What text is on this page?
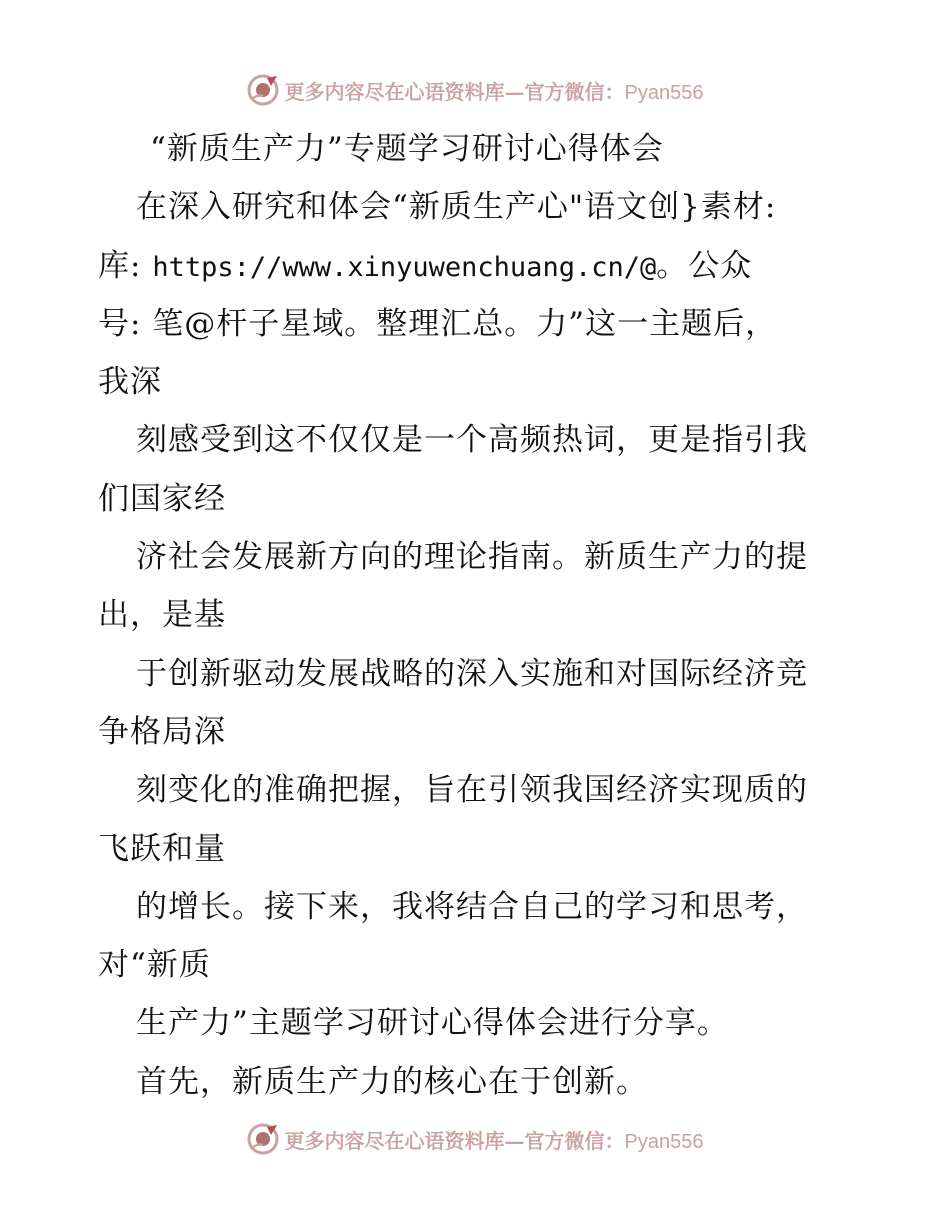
更多内容尽在心语资料库—官方微信：Pyan556
“新质生产力”专题学习研讨心得体会
在深入研究和体会“新质生产心"语文创}素材:
库: https://www.xinyuwenchuang.cn/@。公众
号: 笔@杆子星域。整理汇总。力”这一主题后，
我深
刻感受到这不仅仅是一个高频热词，更是指引我
们国家经
济社会发展新方向的理论指南。新质生产力的提
出，是基
于创新驱动发展战略的深入实施和对国际经济竞
争格局深
刻变化的准确把握，旨在引领我国经济实现质的
飞跃和量
的增长。接下来，我将结合自己的学习和思考，
对“新质
生产力”主题学习研讨心得体会进行分享。
首先，新质生产力的核心在于创新。
更多内容尽在心语资料库—官方微信：Pyan556
